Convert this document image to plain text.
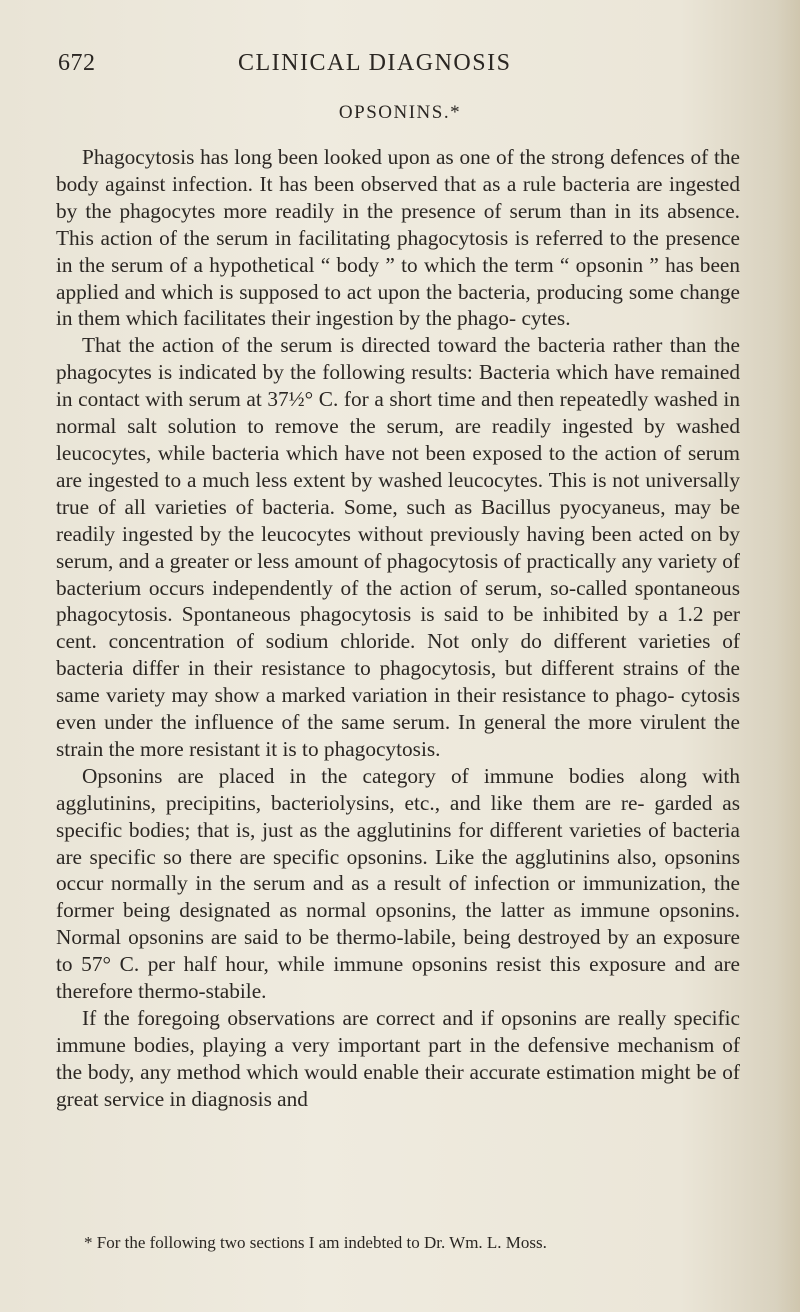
672	CLINICAL DIAGNOSIS
OPSONINS.*

Phagocytosis has long been looked upon as one of the strong defences of the body against infection. It has been observed that as a rule bacteria are ingested by the phagocytes more readily in the presence of serum than in its absence. This action of the serum in facilitating phagocytosis is referred to the presence in the serum of a hypothetical “ body ” to which the term “ opsonin ” has been applied and which is supposed to act upon the bacteria, producing some change in them which facilitates their ingestion by the phago- cytes.

That the action of the serum is directed toward the bacteria rather than the phagocytes is indicated by the following results: Bacteria which have remained in contact with serum at 37½° C. for a short time and then repeatedly washed in normal salt solution to remove the serum, are readily ingested by washed leucocytes, while bacteria which have not been exposed to the action of serum are ingested to a much less extent by washed leucocytes. This is not universally true of all varieties of bacteria. Some, such as Bacillus pyocyaneus, may be readily ingested by the leucocytes without previously having been acted on by serum, and a greater or less amount of phagocytosis of practically any variety of bacterium occurs independently of the action of serum, so-called spontaneous phagocytosis. Spontaneous phagocytosis is said to be inhibited by a 1.2 per cent. concentration of sodium chloride. Not only do different varieties of bacteria differ in their resistance to phagocytosis, but different strains of the same variety may show a marked variation in their resistance to phago- cytosis even under the influence of the same serum. In general the more virulent the strain the more resistant it is to phagocytosis.

Opsonins are placed in the category of immune bodies along with agglutinins, precipitins, bacteriolysins, etc., and like them are re- garded as specific bodies; that is, just as the agglutinins for different varieties of bacteria are specific so there are specific opsonins. Like the agglutinins also, opsonins occur normally in the serum and as a result of infection or immunization, the former being designated as normal opsonins, the latter as immune opsonins. Normal opsonins are said to be thermo-labile, being destroyed by an exposure to 57° C. per half hour, while immune opsonins resist this exposure and are therefore thermo-stabile.

If the foregoing observations are correct and if opsonins are really specific immune bodies, playing a very important part in the defensive mechanism of the body, any method which would enable their accurate estimation might be of great service in diagnosis and

* For the following two sections I am indebted to Dr. Wm. L. Moss.
